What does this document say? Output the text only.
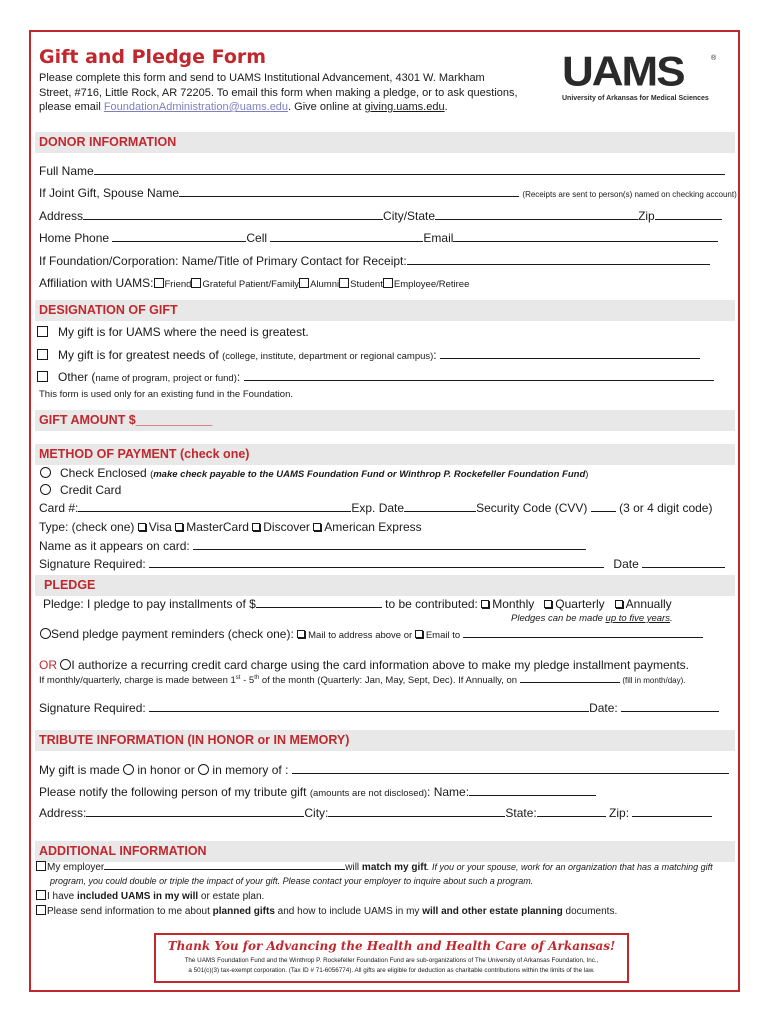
Gift and Pledge Form
Please complete this form and send to UAMS Institutional Advancement, 4301 W. Markham Street, #716, Little Rock, AR 72205. To email this form when making a pledge, or to ask questions, please email FoundationAdministration@uams.edu. Give online at giving.uams.edu.
UAMS	®
University of Arkansas for Medical Sciences
DONOR INFORMATION
Full Name
If Joint Gift, Spouse Name	(Receipts are sent to person(s) named on checking account)
Address	City/State	Zip
Home Phone	Cell	Email
If Foundation/Corporation: Name/Title of Primary Contact for Receipt:
Affiliation with UAMS: Friend Grateful Patient/Family Alumni Student Employee/Retiree
DESIGNATION OF GIFT
My gift is for UAMS where the need is greatest.
My gift is for greatest needs of (college, institute, department or regional campus):
Other (name of program, project or fund):
This form is used only for an existing fund in the Foundation.
GIFT AMOUNT $___________
METHOD OF PAYMENT (check one)
Check Enclosed (make check payable to the UAMS Foundation Fund or Winthrop P. Rockefeller Foundation Fund)
Credit Card
Card #:	Exp. Date	Security Code (CVV)  (3 or 4 digit code)
Type: (check one) Visa MasterCard Discover American Express
Name as it appears on card:
Signature Required:	Date
PLEDGE
Pledge: I pledge to pay installments of $	to be contributed: Monthly Quarterly Annually
Pledges can be made up to five years.
Send pledge payment reminders (check one): Mail to address above or Email to
OR I authorize a recurring credit card charge using the card information above to make my pledge installment payments.
If monthly/quarterly, charge is made between 1st - 5th of the month (Quarterly: Jan, May, Sept, Dec). If Annually, on	(fill in month/day).
Signature Required:	Date:
TRIBUTE INFORMATION (IN HONOR or IN MEMORY)
My gift is made  in honor or  in memory of :
Please notify the following person of my tribute gift (amounts are not disclosed): Name:
Address:	City:	State:	Zip:
ADDITIONAL INFORMATION
My employer	will match my gift. If you or your spouse, work for an organization that has a matching gift
program, you could double or triple the impact of your gift. Please contact your employer to inquire about such a program.
I have included UAMS in my will or estate plan.
Please send information to me about planned gifts and how to include UAMS in my will and other estate planning documents.
Thank You for Advancing the Health and Health Care of Arkansas!
The UAMS Foundation Fund and the Winthrop P. Rockefeller Foundation Fund are sub-organizations of The University of Arkansas Foundation, Inc.,
a 501(c)(3) tax-exempt corporation. (Tax ID # 71-6056774). All gifts are eligible for deduction as charitable contributions within the limits of the law.
